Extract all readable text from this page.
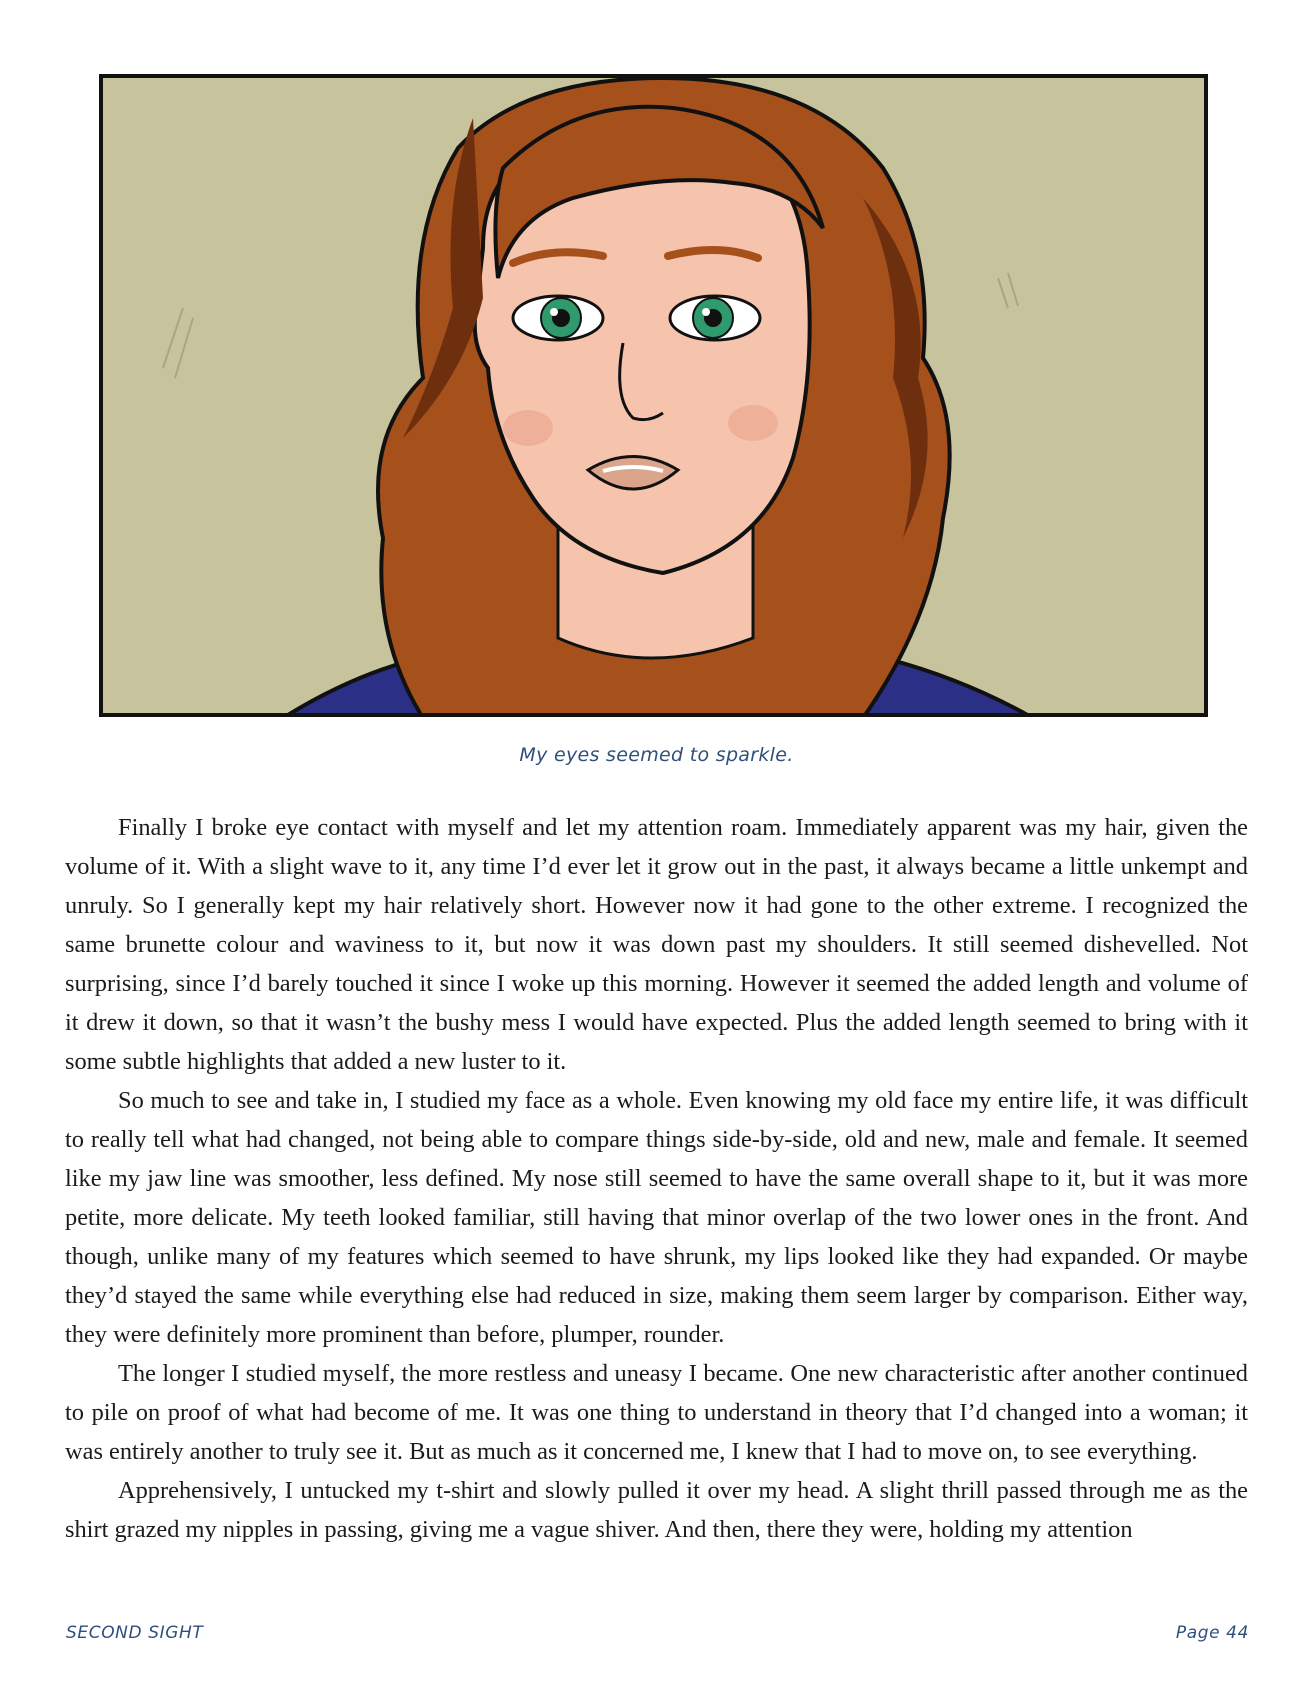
My eyes seemed to sparkle.

Finally I broke eye contact with myself and let my attention roam. Immediately apparent was my hair, given the volume of it. With a slight wave to it, any time I’d ever let it grow out in the past, it always became a little unkempt and unruly. So I generally kept my hair relatively short. However now it had gone to the other extreme. I recognized the same brunette colour and waviness to it, but now it was down past my shoulders. It still seemed dishevelled. Not surprising, since I’d barely touched it since I woke up this morning. However it seemed the added length and volume of it drew it down, so that it wasn’t the bushy mess I would have expected. Plus the added length seemed to bring with it some subtle highlights that added a new luster to it.

So much to see and take in, I studied my face as a whole. Even knowing my old face my entire life, it was difficult to really tell what had changed, not being able to compare things side-by-side, old and new, male and female. It seemed like my jaw line was smoother, less defined. My nose still seemed to have the same overall shape to it, but it was more petite, more delicate. My teeth looked familiar, still having that minor overlap of the two lower ones in the front. And though, unlike many of my features which seemed to have shrunk, my lips looked like they had expanded. Or maybe they’d stayed the same while everything else had reduced in size, making them seem larger by comparison. Either way, they were definitely more prominent than before, plumper, rounder.

The longer I studied myself, the more restless and uneasy I became. One new characteristic after another continued to pile on proof of what had become of me. It was one thing to understand in theory that I’d changed into a woman; it was entirely another to truly see it. But as much as it concerned me, I knew that I had to move on, to see everything.

Apprehensively, I untucked my t-shirt and slowly pulled it over my head. A slight thrill passed through me as the shirt grazed my nipples in passing, giving me a vague shiver. And then, there they were, holding my attention

SECOND SIGHT	Page 44
